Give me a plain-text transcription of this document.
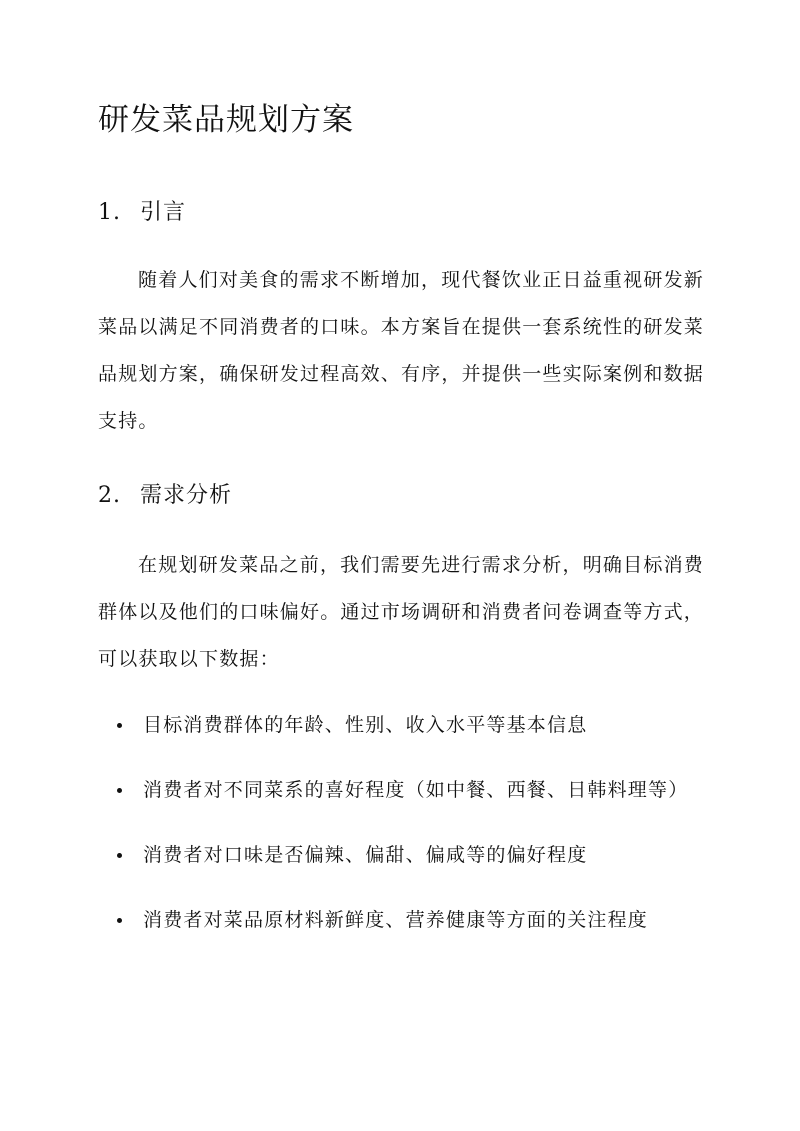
研发菜品规划方案
1. 引言

随着人们对美食的需求不断增加，现代餐饮业正日益重视研发新菜品以满足不同消费者的口味。本方案旨在提供一套系统性的研发菜品规划方案，确保研发过程高效、有序，并提供一些实际案例和数据支持。

2. 需求分析

在规划研发菜品之前，我们需要先进行需求分析，明确目标消费群体以及他们的口味偏好。通过市场调研和消费者问卷调查等方式，可以获取以下数据：

目标消费群体的年龄、性别、收入水平等基本信息
消费者对不同菜系的喜好程度（如中餐、西餐、日韩料理等）
消费者对口味是否偏辣、偏甜、偏咸等的偏好程度
消费者对菜品原材料新鲜度、营养健康等方面的关注程度
